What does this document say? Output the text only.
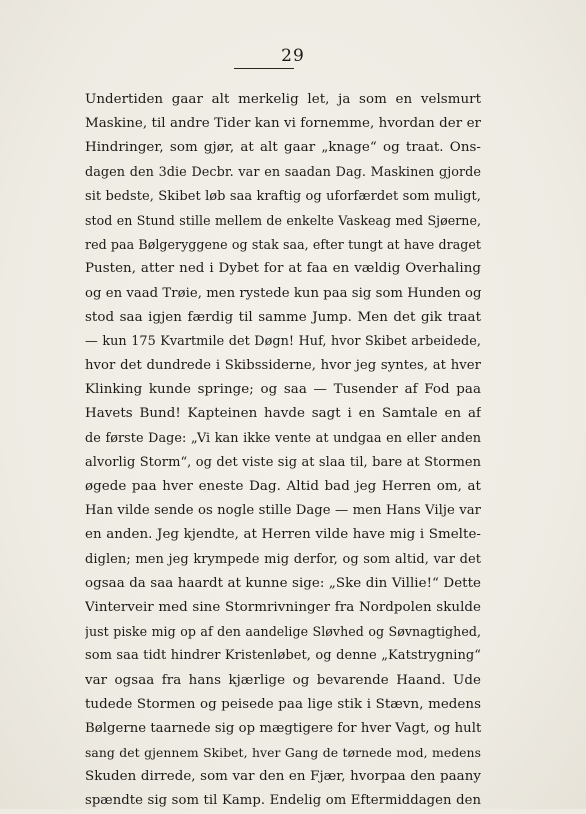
29
Undertiden gaar alt merkelig let, ja som en velsmurt
Maskine, til andre Tider kan vi fornemme, hvordan der er
Hindringer, som gjør, at alt gaar „knage“ og traat. Ons-
dagen den 3die Decbr. var en saadan Dag. Maskinen gjorde
sit bedste, Skibet løb saa kraftig og uforfærdet som muligt,
stod en Stund stille mellem de enkelte Vaskeag med Sjøerne,
red paa Bølgeryggene og stak saa, efter tungt at have draget
Pusten, atter ned i Dybet for at faa en vældig Overhaling
og en vaad Trøie, men rystede kun paa sig som Hunden og
stod saa igjen færdig til samme Jump. Men det gik traat
— kun 175 Kvartmile det Døgn! Huf, hvor Skibet arbeidede,
hvor det dundrede i Skibssiderne, hvor jeg syntes, at hver
Klinking kunde springe; og saa — Tusender af Fod paa
Havets Bund! Kapteinen havde sagt i en Samtale en af
de første Dage: „Vi kan ikke vente at undgaa en eller anden
alvorlig Storm“, og det viste sig at slaa til, bare at Stormen
øgede paa hver eneste Dag. Altid bad jeg Herren om, at
Han vilde sende os nogle stille Dage — men Hans Vilje var
en anden. Jeg kjendte, at Herren vilde have mig i Smelte-
diglen; men jeg krympede mig derfor, og som altid, var det
ogsaa da saa haardt at kunne sige: „Ske din Villie!“ Dette
Vinterveir med sine Stormrivninger fra Nordpolen skulde
just piske mig op af den aandelige Sløvhed og Søvnagtighed,
som saa tidt hindrer Kristenløbet, og denne „Katstrygning“
var ogsaa fra hans kjærlige og bevarende Haand. Ude
tudede Stormen og peisede paa lige stik i Stævn, medens
Bølgerne taarnede sig op mægtigere for hver Vagt, og hult
sang det gjennem Skibet, hver Gang de tørnede mod, medens
Skuden dirrede, som var den en Fjær, hvorpaa den paany
spændte sig som til Kamp. Endelig om Eftermiddagen den
